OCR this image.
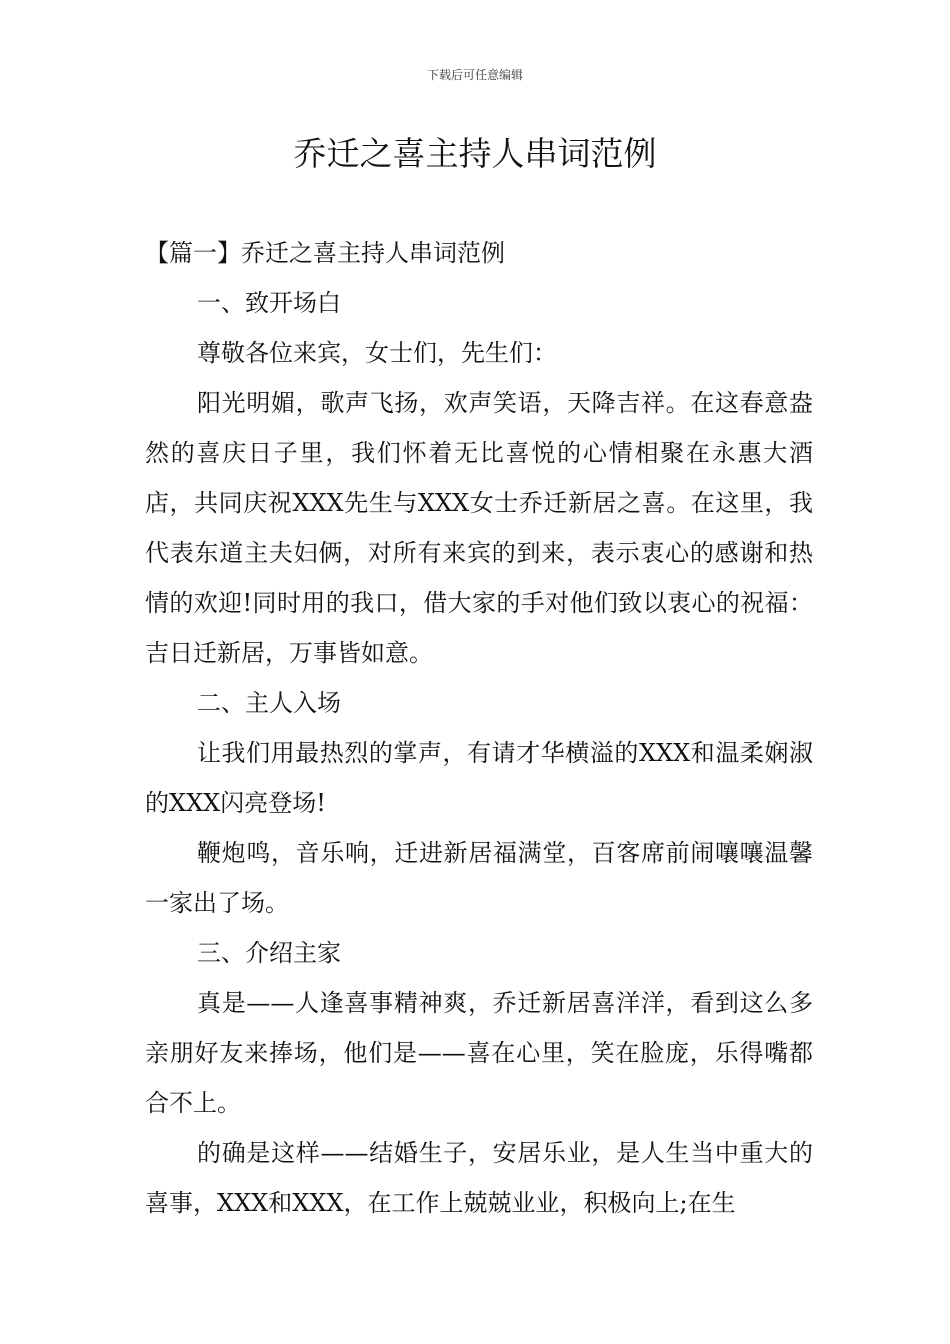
下载后可任意编辑
乔迁之喜主持人串词范例

【篇一】乔迁之喜主持人串词范例

一、致开场白

尊敬各位来宾，女士们，先生们：

阳光明媚，歌声飞扬，欢声笑语，天降吉祥。在这春意盎然的喜庆日子里，我们怀着无比喜悦的心情相聚在永惠大酒店，共同庆祝XXX先生与XXX女士乔迁新居之喜。在这里，我代表东道主夫妇俩，对所有来宾的到来，表示衷心的感谢和热情的欢迎!同时用的我口，借大家的手对他们致以衷心的祝福：吉日迁新居，万事皆如意。

二、主人入场

让我们用最热烈的掌声，有请才华横溢的XXX和温柔娴淑的XXX闪亮登场!

鞭炮鸣，音乐响，迁进新居福满堂，百客席前闹嚷嚷温馨一家出了场。

三、介绍主家

真是——人逢喜事精神爽，乔迁新居喜洋洋，看到这么多亲朋好友来捧场，他们是——喜在心里，笑在脸庞，乐得嘴都合不上。

的确是这样——结婚生子，安居乐业，是人生当中重大的喜事，XXX和XXX，在工作上兢兢业业，积极向上;在生
